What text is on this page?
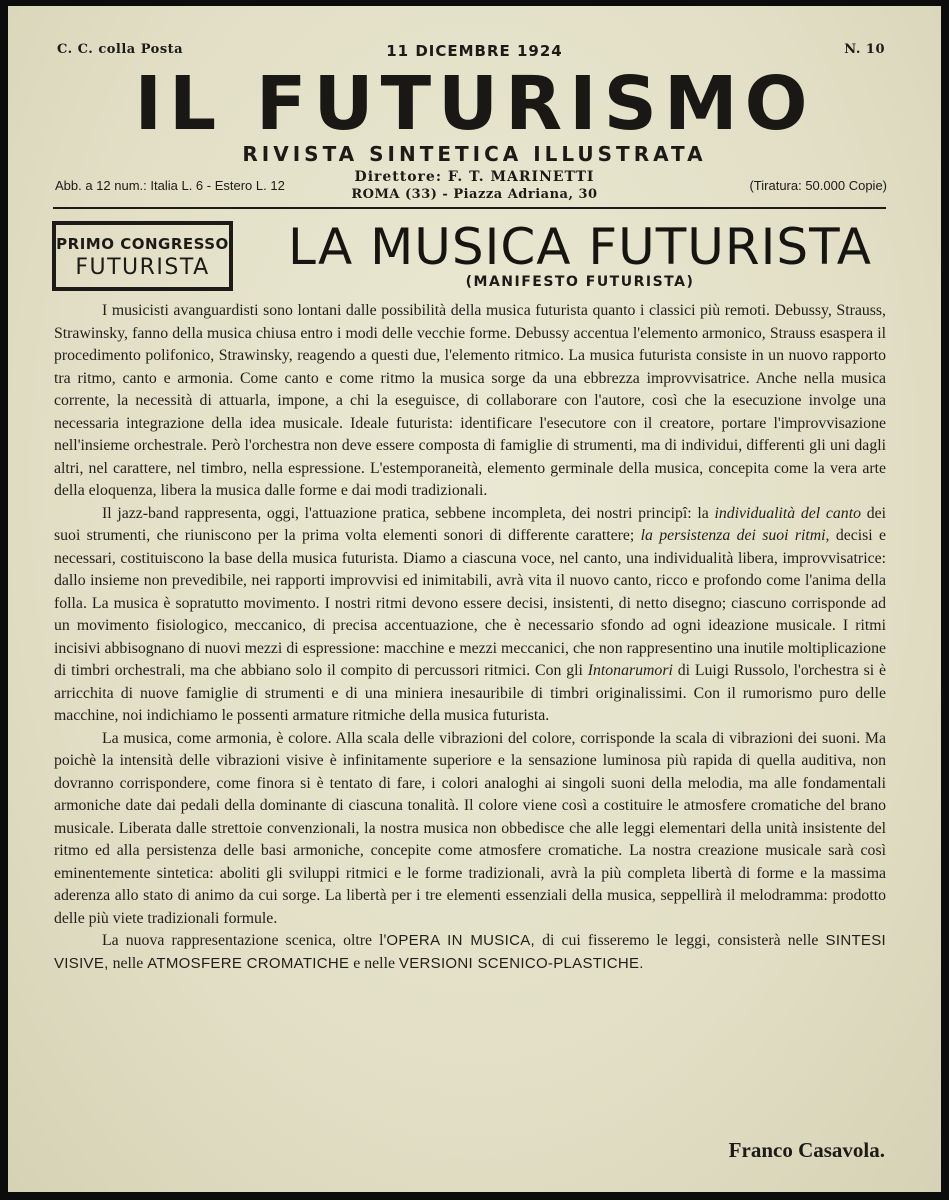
C. C. colla Posta	11 DICEMBRE 1924	N. 10
IL FUTURISMO
RIVISTA SINTETICA ILLUSTRATA
Abb. a 12 num.: Italia L. 6 - Estero L. 12
Direttore: F. T. MARINETTI
ROMA (33) - Piazza Adriana, 30
(Tiratura: 50.000 Copie)
PRIMO CONGRESSO
FUTURISTA	LA MUSICA FUTURISTA
(MANIFESTO FUTURISTA)

I musicisti avanguardisti sono lontani dalle possibilità della musica futurista quanto i classici più remoti. Debussy, Strauss, Strawinsky, fanno della musica chiusa entro i modi delle vecchie forme. Debussy accentua l'elemento armonico, Strauss esaspera il procedimento polifonico, Strawinsky, reagendo a questi due, l'elemento ritmico. La musica futurista consiste in un nuovo rapporto tra ritmo, canto e armonia. Come canto e come ritmo la musica sorge da una ebbrezza improvvisatrice. Anche nella musica corrente, la necessità di attuarla, impone, a chi la eseguisce, di collaborare con l'autore, così che la esecuzione involge una necessaria integrazione della idea musicale. Ideale futurista: identificare l'esecutore con il creatore, portare l'improvvisazione nell'insieme orchestrale. Però l'orchestra non deve essere composta di famiglie di strumenti, ma di individui, differenti gli uni dagli altri, nel carattere, nel timbro, nella espressione. L'estemporaneità, elemento germinale della musica, concepita come la vera arte della eloquenza, libera la musica dalle forme e dai modi tradizionali.

Il jazz-band rappresenta, oggi, l'attuazione pratica, sebbene incompleta, dei nostri principî: la individualità del canto dei suoi strumenti, che riuniscono per la prima volta elementi sonori di differente carattere; la persistenza dei suoi ritmi, decisi e necessari, costituiscono la base della musica futurista. Diamo a ciascuna voce, nel canto, una individualità libera, improvvisatrice: dallo insieme non prevedibile, nei rapporti improvvisi ed inimitabili, avrà vita il nuovo canto, ricco e profondo come l'anima della folla. La musica è sopratutto movimento. I nostri ritmi devono essere decisi, insistenti, di netto disegno; ciascuno corrisponde ad un movimento fisiologico, meccanico, di precisa accentuazione, che è necessario sfondo ad ogni ideazione musicale. I ritmi incisivi abbisognano di nuovi mezzi di espressione: macchine e mezzi meccanici, che non rappresentino una inutile moltiplicazione di timbri orchestrali, ma che abbiano solo il compito di percussori ritmici. Con gli Intonarumori di Luigi Russolo, l'orchestra si è arricchita di nuove famiglie di strumenti e di una miniera inesauribile di timbri originalissimi. Con il rumorismo puro delle macchine, noi indichiamo le possenti armature ritmiche della musica futurista.

La musica, come armonia, è colore. Alla scala delle vibrazioni del colore, corrisponde la scala di vibrazioni dei suoni. Ma poichè la intensità delle vibrazioni visive è infinitamente superiore e la sensazione luminosa più rapida di quella auditiva, non dovranno corrispondere, come finora si è tentato di fare, i colori analoghi ai singoli suoni della melodia, ma alle fondamentali armoniche date dai pedali della dominante di ciascuna tonalità. Il colore viene così a costituire le atmosfere cromatiche del brano musicale. Liberata dalle strettoie convenzionali, la nostra musica non obbedisce che alle leggi elementari della unità insistente del ritmo ed alla persistenza delle basi armoniche, concepite come atmosfere cromatiche. La nostra creazione musicale sarà così eminentemente sintetica: aboliti gli sviluppi ritmici e le forme tradizionali, avrà la più completa libertà di forme e la massima aderenza allo stato di animo da cui sorge. La libertà per i tre elementi essenziali della musica, seppellirà il melodramma: prodotto delle più viete tradizionali formule.

La nuova rappresentazione scenica, oltre l'OPERA IN MUSICA, di cui fisseremo le leggi, consisterà nelle SINTESI VISIVE, nelle ATMOSFERE CROMATICHE e nelle VERSIONI SCENICO-PLASTICHE.

Franco Casavola.
